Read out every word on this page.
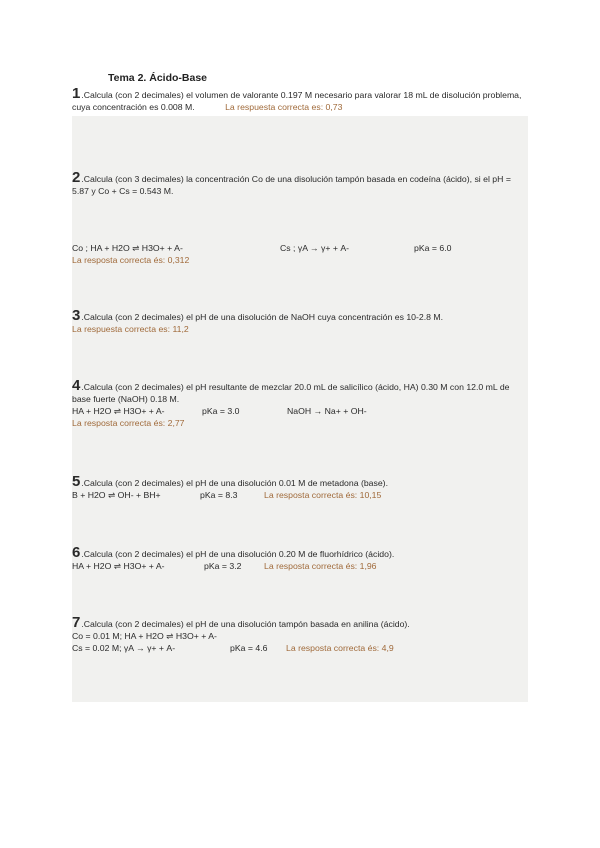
Tema 2. Ácido-Base
1.Calcula (con 2 decimales) el volumen de valorante 0.197 M necesario para valorar 18 mL de disolución problema, cuya concentración es 0.008 M.	La respuesta correcta es: 0,73
2.Calcula (con 3 decimales) la concentración Co de una disolución tampón basada en codeína (ácido), si el pH = 5.87 y Co + Cs = 0.543 M.
Co ; HA + H2O ⇌ H3O+ + A-	Cs ; γA → γ+ + A-	pKa = 6.0
La resposta correcta és: 0,312
3.Calcula (con 2 decimales) el pH de una disolución de NaOH cuya concentración es 10-2.8 M.
La respuesta correcta es: 11,2
4.Calcula (con 2 decimales) el pH resultante de mezclar 20.0 mL de salicílico (ácido, HA) 0.30 M con 12.0 mL de base fuerte (NaOH) 0.18 M.
HA + H2O ⇌ H3O+ + A-	pKa = 3.0	NaOH → Na+ + OH-
La resposta correcta és: 2,77
5.Calcula (con 2 decimales) el pH de una disolución 0.01 M de metadona (base).
B + H2O ⇌ OH- + BH+	pKa = 8.3	La resposta correcta és: 10,15
6.Calcula (con 2 decimales) el pH de una disolución 0.20 M de fluorhídrico (ácido).
HA + H2O ⇌ H3O+ + A-	pKa = 3.2	La resposta correcta és: 1,96
7.Calcula (con 2 decimales) el pH de una disolución tampón basada en anilina (ácido).
Co = 0.01 M; HA + H2O ⇌ H3O+ + A-
Cs = 0.02 M; γA → γ+ + A-	pKa = 4.6 La resposta correcta és: 4,9
